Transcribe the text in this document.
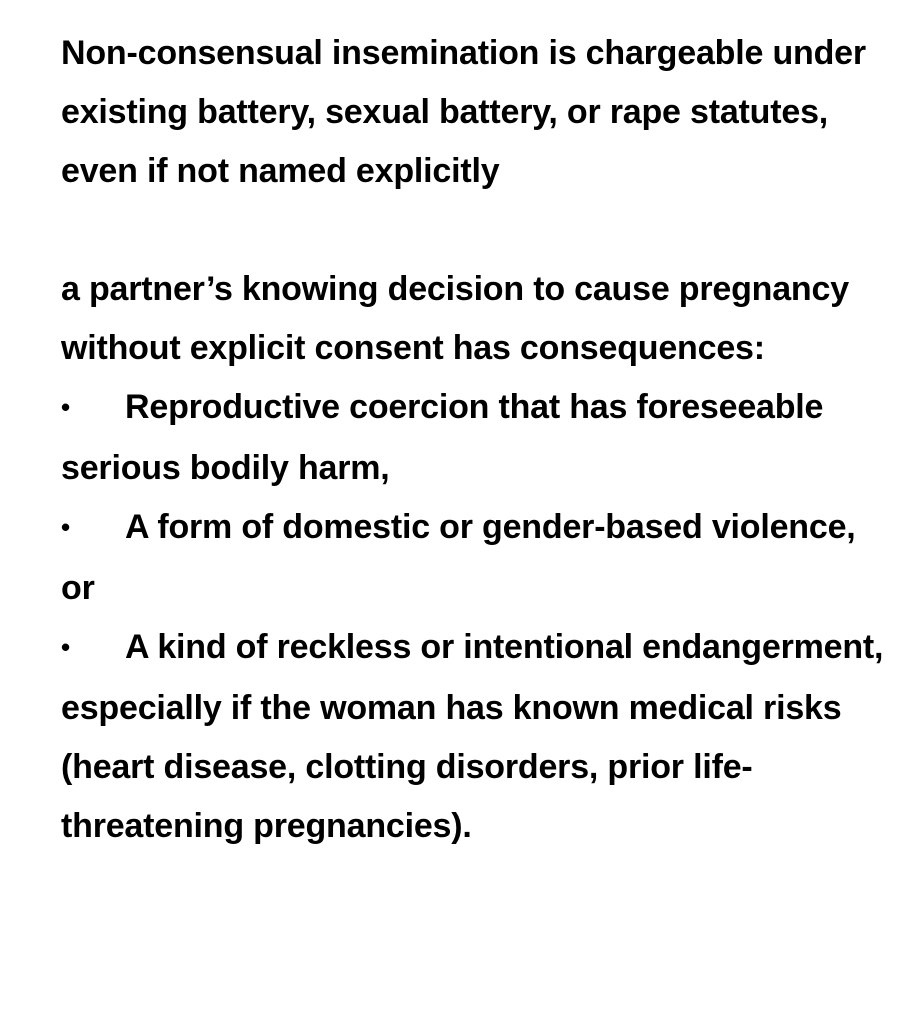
Non-consensual insemination is chargeable under existing battery, sexual battery, or rape statutes, even if not named explicitly

a partner’s knowing decision to cause pregnancy without explicit consent has consequences:

•Reproductive coercion that has foreseeable serious bodily harm,

•A form of domestic or gender-based violence, or

•A kind of reckless or intentional endangerment, especially if the woman has known medical risks (heart disease, clotting disorders, prior life-threatening pregnancies).
